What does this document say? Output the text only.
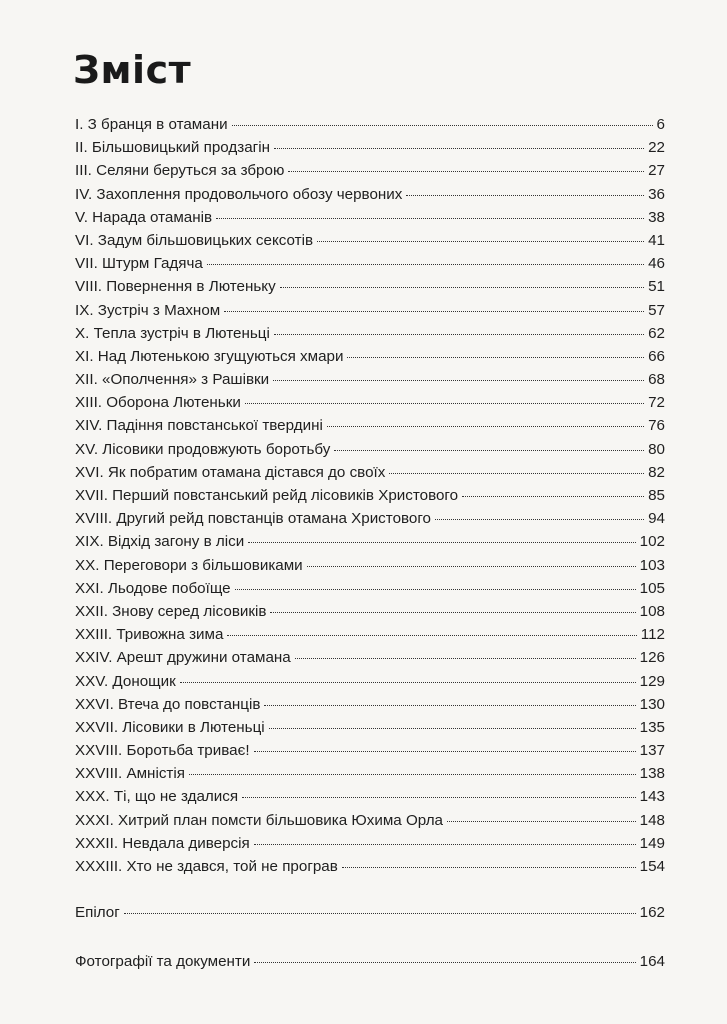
Зміст
I. З бранця в отамани	6
II. Більшовицький продзагін	22
III. Селяни беруться за зброю	27
IV. Захоплення продовольчого обозу червоних	36
V. Нарада отаманів	38
VI. Задум більшовицьких сексотів	41
VII. Штурм Гадяча	46
VIII. Повернення в Лютеньку	51
IX. Зустріч з Махном	57
X. Тепла зустріч в Лютеньці	62
XI. Над Лютенькою згущуються хмари	66
XII. «Ополчення» з Рашівки	68
XIII. Оборона Лютеньки	72
XIV. Падіння повстанської твердині	76
XV. Лісовики продовжують боротьбу	80
XVI. Як побратим отамана дістався до своїх	82
XVII. Перший повстанський рейд лісовиків Христового	85
XVIII. Другий рейд повстанців отамана Христового	94
XIX. Відхід загону в ліси	102
XX. Переговори з більшовиками	103
XXI. Льодове побоїще	105
XXII. Знову серед лісовиків	108
XXIII. Тривожна зима	112
XXIV. Арешт дружини отамана	126
XXV. Донощик	129
XXVI. Втеча до повстанців	130
XXVII. Лісовики в Лютеньці	135
XXVIII. Боротьба триває!	137
XXVIII. Амністія	138
XXX. Ті, що не здалися	143
XXXI. Хитрий план помсти більшовика Юхима Орла	148
XXXII. Невдала диверсія	149
XXXIII. Хто не здався, той не програв	154
Епілог	162
Фотографії та документи	164
